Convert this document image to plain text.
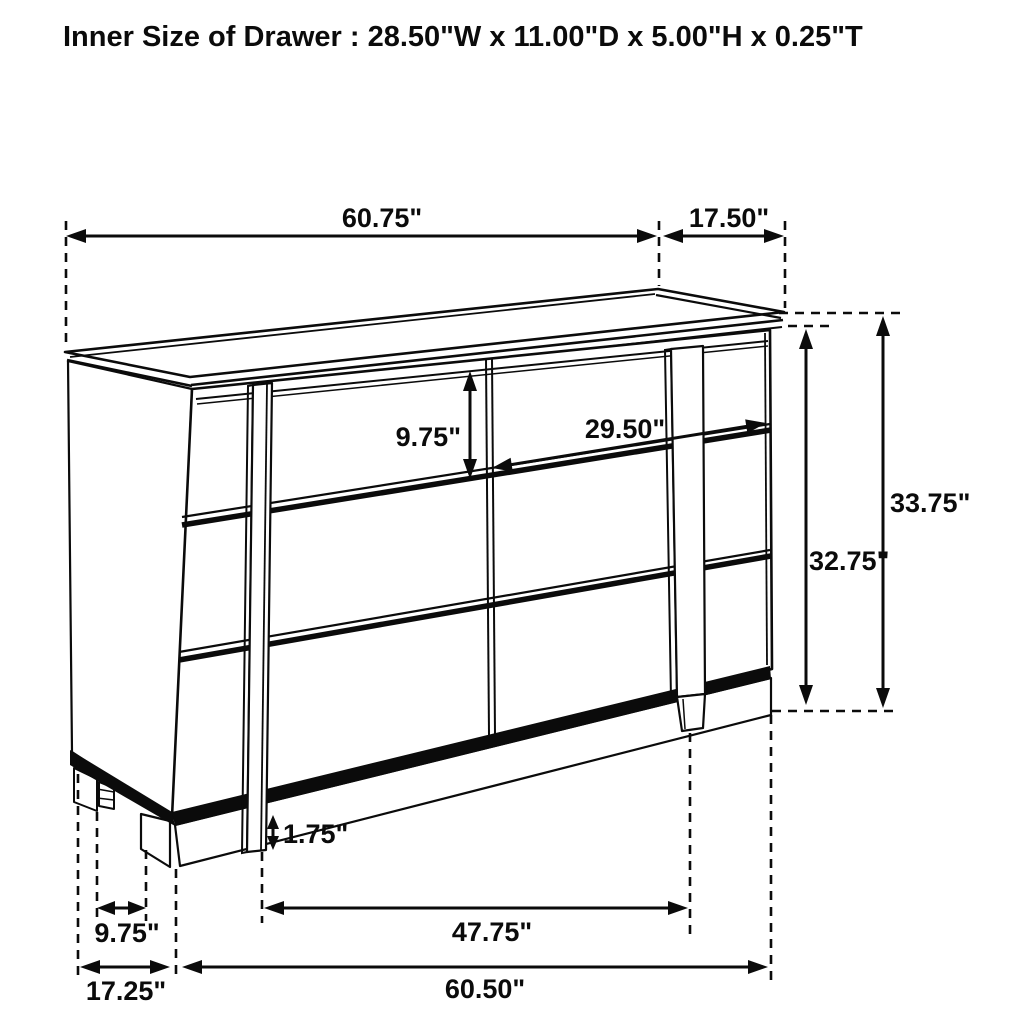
60.75"	17.50"
33.75"
32.75"
9.75"	29.50"
1.75"
9.75"	47.75"
17.25"	60.50"
Inner Size of Drawer : 28.50"W x 11.00"D x 5.00"H x 0.25"T
